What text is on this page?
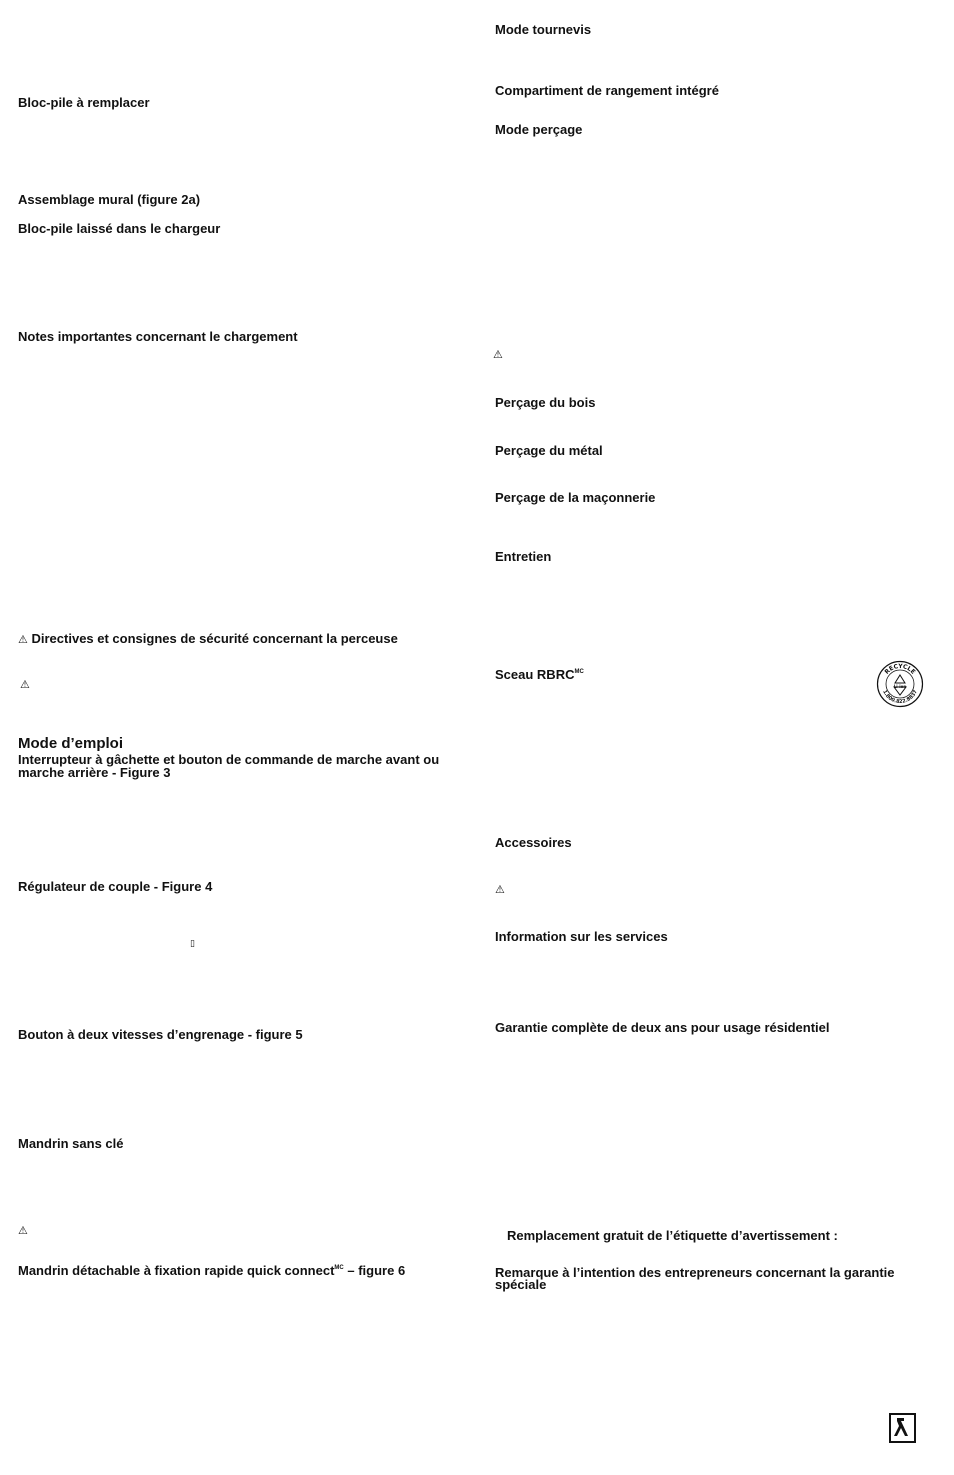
Bloc-pile à remplacer
Assemblage mural (figure 2a)
Bloc-pile laissé dans le chargeur
Notes importantes concernant le chargement
⚠ Directives et consignes de sécurité concernant la perceuse
⚠
Mode d’emploi
Interrupteur à gâchette et bouton de commande de marche avant ou marche arrière - Figure 3
Régulateur de couple - Figure 4
▯
Bouton à deux vitesses d’engrenage - figure 5
Mandrin sans clé
⚠
Mandrin détachable à fixation rapide quick connect$^{MC}$ – figure 6
Mode tournevis
Compartiment de rangement intégré
Mode perçage
⚠
Perçage du bois
Perçage du métal
Perçage de la maçonnerie
Entretien
Sceau $RBRC^{MC}$	RECYCLE
1.800.822.8837
Li-ion
Accessoires
⚠
Information sur les services
Garantie complète de deux ans pour usage résidentiel
Remplacement gratuit de l’étiquette d’avertissement :
Remarque à l’intention des entrepreneurs concernant la garantie spéciale
